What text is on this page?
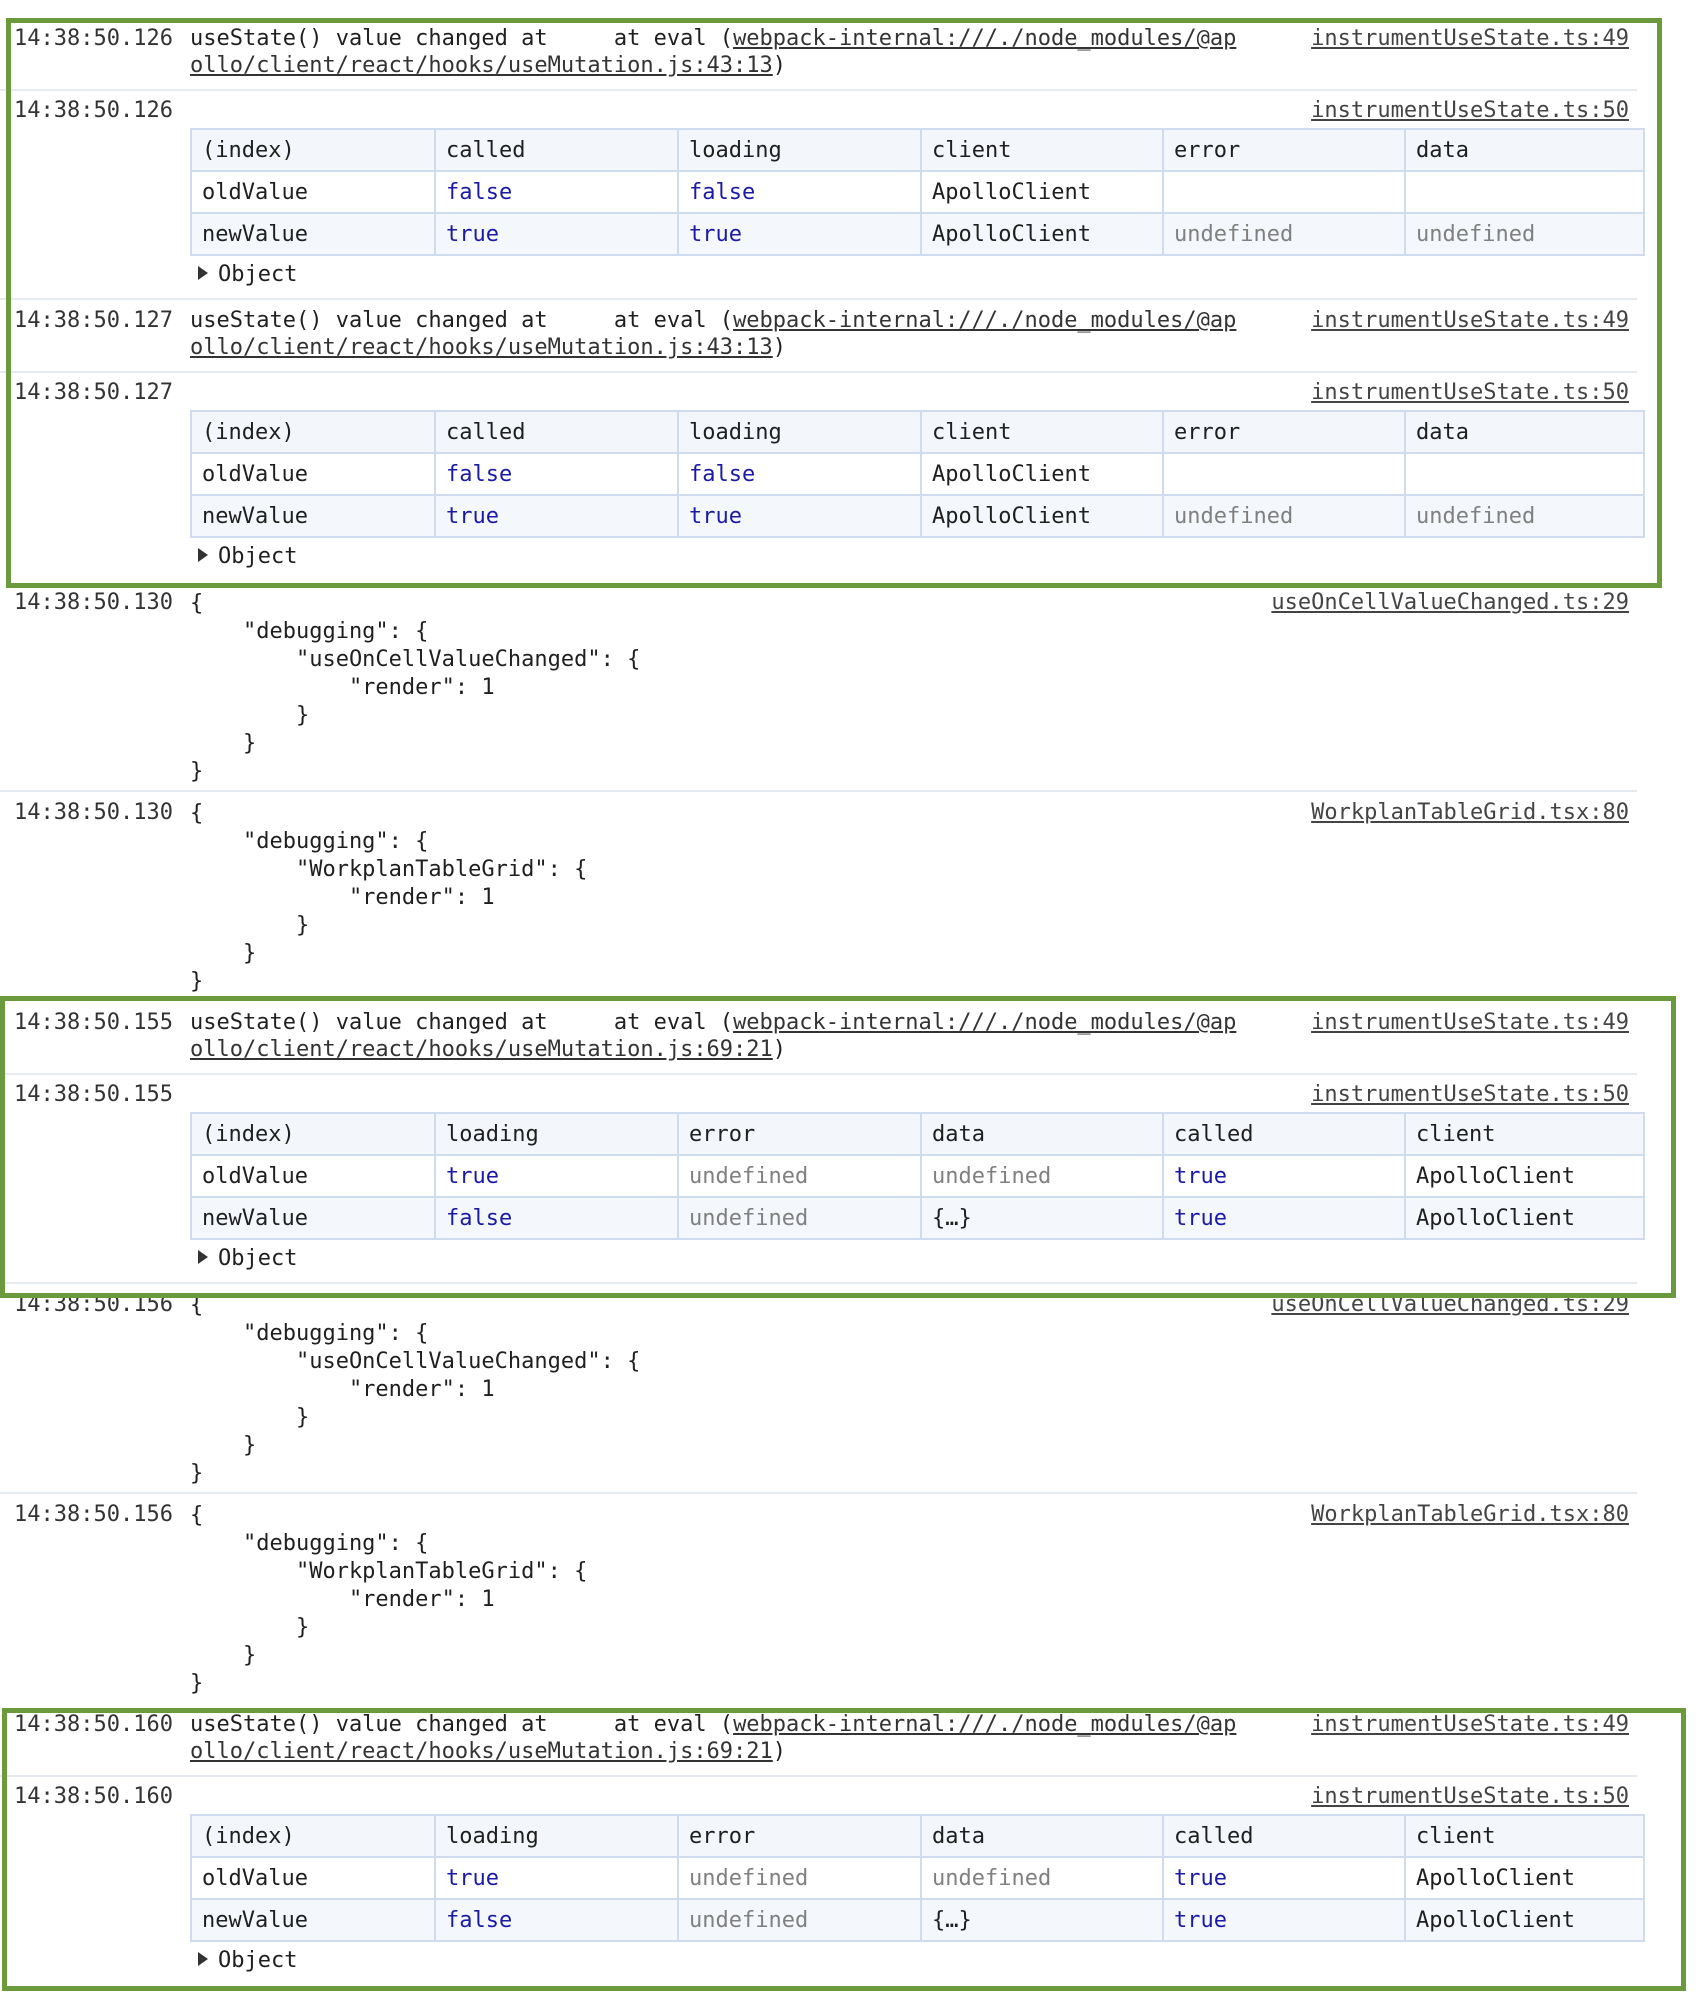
14:38:50.126	instrumentUseState.ts:49
useState() value changed at     at eval (webpack-internal:///./node_modules/@ap
ollo/client/react/hooks/useMutation.js:43:13)
14:38:50.126	instrumentUseState.ts:50
(index)	called	loading	client	error	data
oldValue	false	false	ApolloClient		
newValue	true	true	ApolloClient	undefined	undefined
Object
14:38:50.127	instrumentUseState.ts:49
useState() value changed at     at eval (webpack-internal:///./node_modules/@ap
ollo/client/react/hooks/useMutation.js:43:13)
14:38:50.127	instrumentUseState.ts:50
(index)	called	loading	client	error	data
oldValue	false	false	ApolloClient		
newValue	true	true	ApolloClient	undefined	undefined
Object
14:38:50.130	useOnCellValueChanged.ts:29
{
"debugging": {
"useOnCellValueChanged": {
"render": 1
}
}
}
14:38:50.130	WorkplanTableGrid.tsx:80
{
"debugging": {
"WorkplanTableGrid": {
"render": 1
}
}
}
14:38:50.155	instrumentUseState.ts:49
useState() value changed at     at eval (webpack-internal:///./node_modules/@ap
ollo/client/react/hooks/useMutation.js:69:21)
14:38:50.155	instrumentUseState.ts:50
(index)	loading	error	data	called	client
oldValue	true	undefined	undefined	true	ApolloClient
newValue	false	undefined	{…}	true	ApolloClient
Object
14:38:50.156	useOnCellValueChanged.ts:29
{
"debugging": {
"useOnCellValueChanged": {
"render": 1
}
}
}
14:38:50.156	WorkplanTableGrid.tsx:80
{
"debugging": {
"WorkplanTableGrid": {
"render": 1
}
}
}
14:38:50.160	instrumentUseState.ts:49
useState() value changed at     at eval (webpack-internal:///./node_modules/@ap
ollo/client/react/hooks/useMutation.js:69:21)
14:38:50.160	instrumentUseState.ts:50
(index)	loading	error	data	called	client
oldValue	true	undefined	undefined	true	ApolloClient
newValue	false	undefined	{…}	true	ApolloClient
Object
